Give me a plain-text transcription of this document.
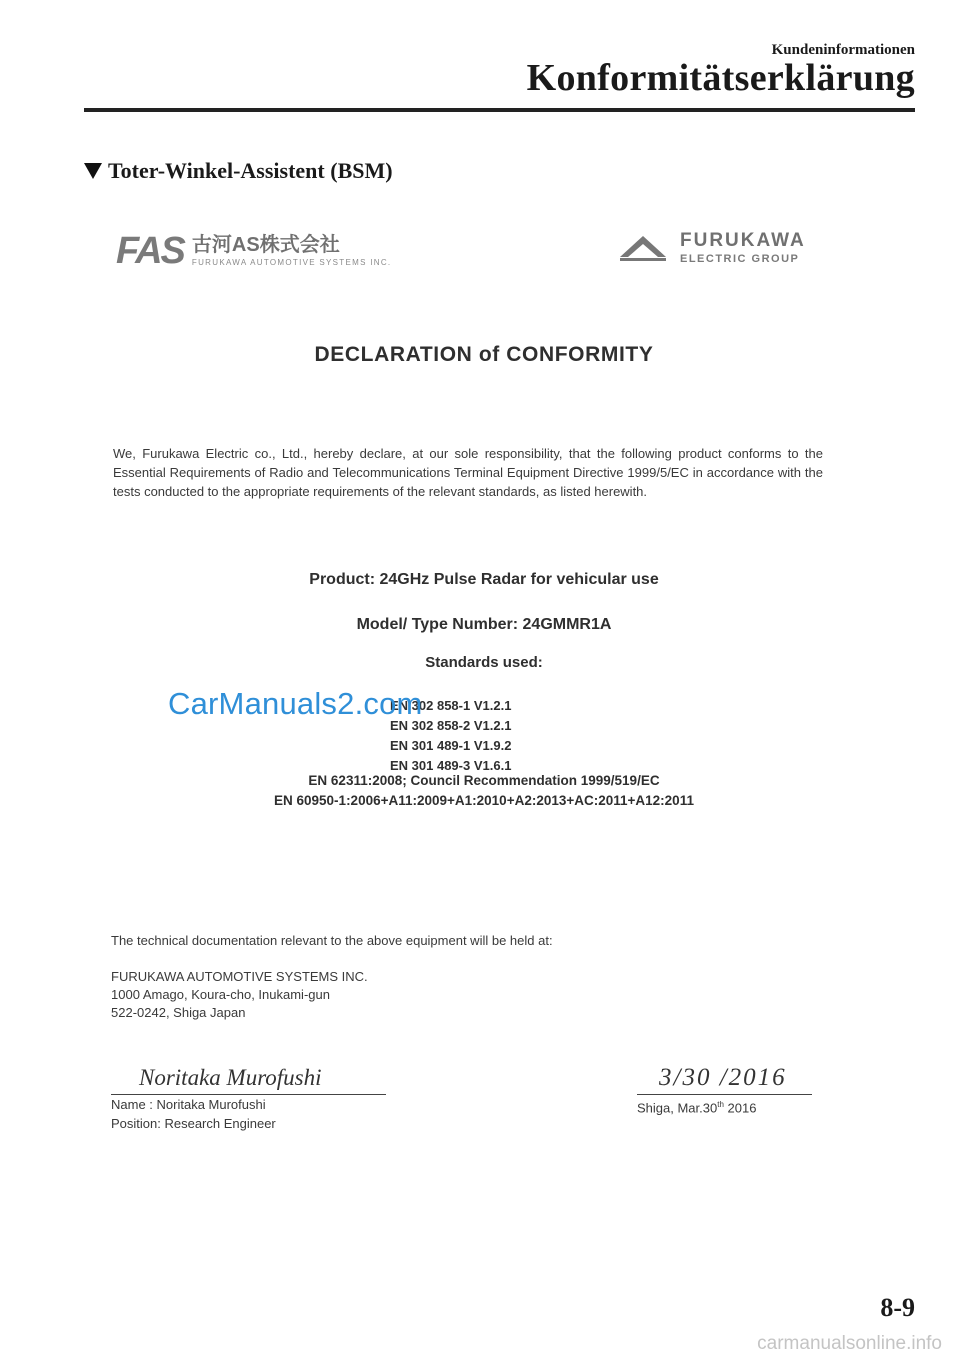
Kundeninformationen
Konformitätserklärung
Toter-Winkel-Assistent (BSM)
FAS 古河AS株式会社
FURUKAWA AUTOMOTIVE SYSTEMS INC.
FURUKAWA
ELECTRIC GROUP
DECLARATION of CONFORMITY
We, Furukawa Electric co., Ltd., hereby declare, at our sole responsibility, that the following product conforms to the Essential Requirements of Radio and Telecommunications Terminal Equipment Directive 1999/5/EC in accordance with the tests conducted to the appropriate requirements of the relevant standards, as listed herewith.
Product: 24GHz Pulse Radar for vehicular use
Model/ Type Number: 24GMMR1A
Standards used:
EN 302 858-1 V1.2.1
EN 302 858-2 V1.2.1
EN 301 489-1 V1.9.2
EN 301 489-3 V1.6.1
EN 62311:2008; Council Recommendation 1999/519/EC
EN 60950-1:2006+A11:2009+A1:2010+A2:2013+AC:2011+A12:2011
CarManuals2.com
The technical documentation relevant to the above equipment will be held at:
FURUKAWA AUTOMOTIVE SYSTEMS INC.
1000 Amago, Koura-cho, Inukami-gun
522-0242, Shiga Japan
Noritaka Murofushi
Name : Noritaka Murofushi
Position: Research Engineer
3/30 /2016
Shiga, Mar.30th 2016
8-9
carmanualsonline.info
